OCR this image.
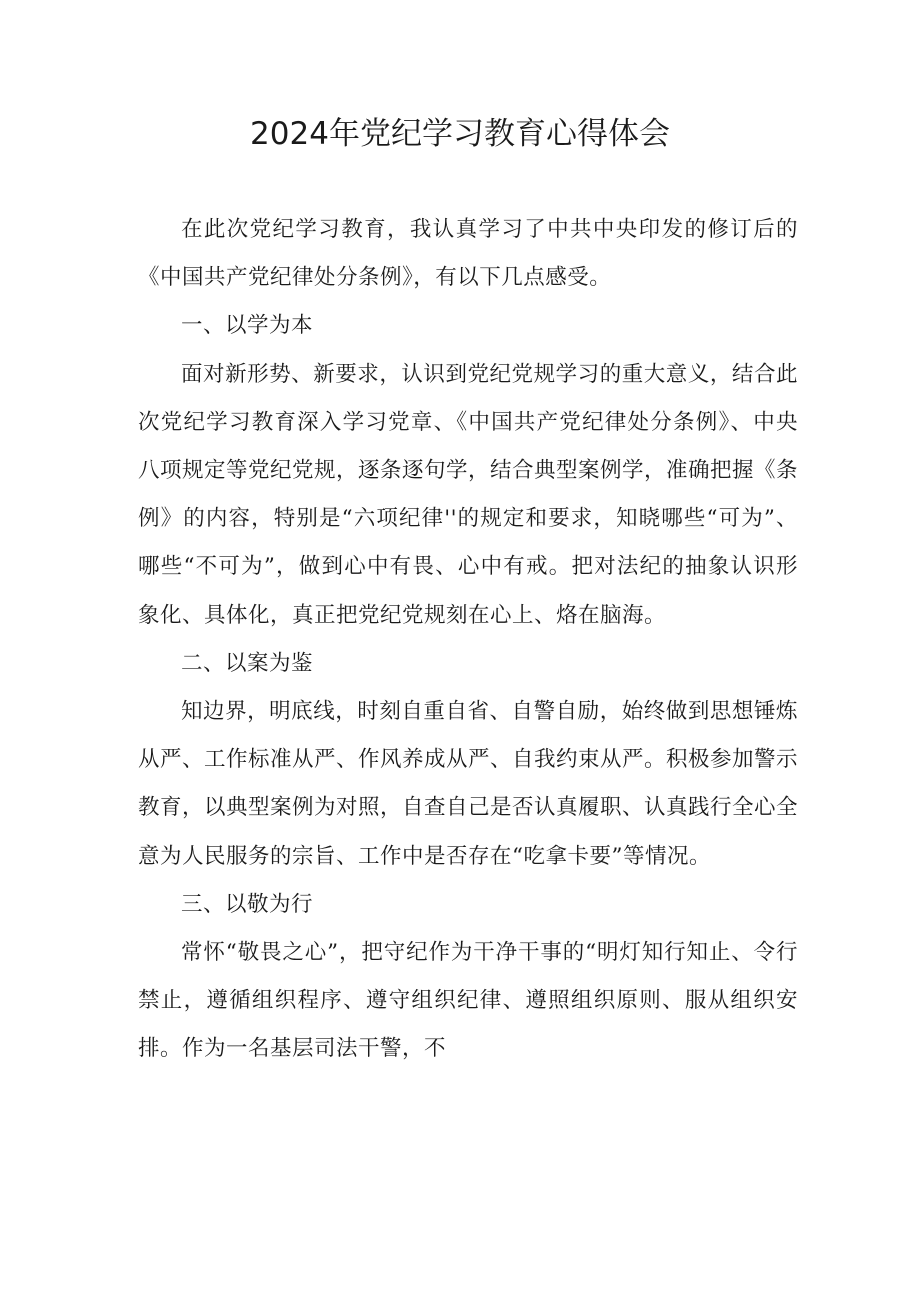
2024年党纪学习教育心得体会

在此次党纪学习教育，我认真学习了中共中央印发的修订后的《中国共产党纪律处分条例》，有以下几点感受。

一、以学为本

面对新形势、新要求，认识到党纪党规学习的重大意义，结合此次党纪学习教育深入学习党章、《中国共产党纪律处分条例》、中央八项规定等党纪党规，逐条逐句学，结合典型案例学，准确把握《条例》的内容，特别是“六项纪律''的规定和要求，知晓哪些“可为”、哪些“不可为”，做到心中有畏、心中有戒。把对法纪的抽象认识形象化、具体化，真正把党纪党规刻在心上、烙在脑海。

二、以案为鉴

知边界，明底线，时刻自重自省、自警自励，始终做到思想锤炼从严、工作标准从严、作风养成从严、自我约束从严。积极参加警示教育，以典型案例为对照，自查自己是否认真履职、认真践行全心全意为人民服务的宗旨、工作中是否存在“吃拿卡要”等情况。

三、以敬为行

常怀“敬畏之心”，把守纪作为干净干事的“明灯知行知止、令行禁止，遵循组织程序、遵守组织纪律、遵照组织原则、服从组织安排。作为一名基层司法干警，不
